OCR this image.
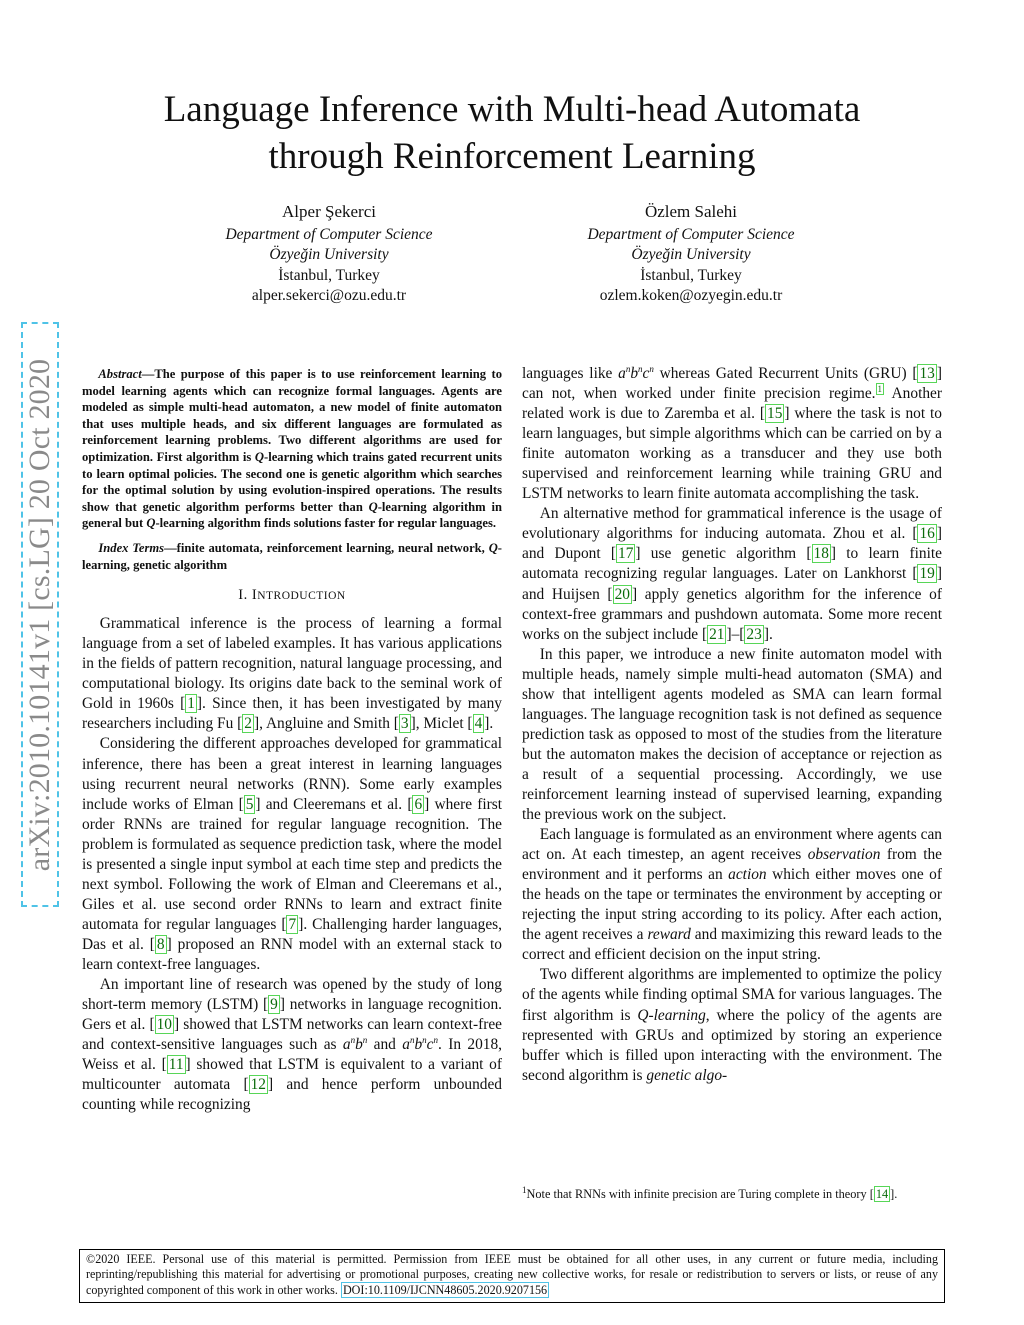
Language Inference with Multi-head Automata
through Reinforcement Learning
Alper Şekerci
Department of Computer Science
Özyeğin University
İstanbul, Turkey
alper.sekerci@ozu.edu.tr
Özlem Salehi
Department of Computer Science
Özyeğin University
İstanbul, Turkey
ozlem.koken@ozyegin.edu.tr
arXiv:2010.10141v1 [cs.LG] 20 Oct 2020	Abstract—The purpose of this paper is to use reinforcement learning to model learning agents which can recognize formal languages. Agents are modeled as simple multi-head automaton, a new model of finite automaton that uses multiple heads, and six different languages are formulated as reinforcement learning problems. Two different algorithms are used for optimization. First algorithm is Q-learning which trains gated recurrent units to learn optimal policies. The second one is genetic algorithm which searches for the optimal solution by using evolution-inspired operations. The results show that genetic algorithm performs better than Q-learning algorithm in general but Q-learning algorithm finds solutions faster for regular languages.

Index Terms—finite automata, reinforcement learning, neural network, Q-learning, genetic algorithm

I. INTRODUCTION

Grammatical inference is the process of learning a formal language from a set of labeled examples. It has various applications in the fields of pattern recognition, natural language processing, and computational biology. Its origins date back to the seminal work of Gold in 1960s [ 1 ]. Since then, it has been investigated by many researchers including Fu [ 2 ], Angluine and Smith [ 3 ], Miclet [ 4 ].

Considering the different approaches developed for grammatical inference, there has been a great interest in learning languages using recurrent neural networks (RNN). Some early examples include works of Elman [ 5 ] and Cleeremans et al. [ 6 ] where first order RNNs are trained for regular language recognition. The problem is formulated as sequence prediction task, where the model is presented a single input symbol at each time step and predicts the next symbol. Following the work of Elman and Cleeremans et al., Giles et al. use second order RNNs to learn and extract finite automata for regular languages [ 7 ]. Challenging harder languages, Das et al. [ 8 ] proposed an RNN model with an external stack to learn context-free languages.

An important line of research was opened by the study of long short-term memory (LSTM) [ 9 ] networks in language recognition. Gers et al. [ 10 ] showed that LSTM networks can learn context-free and context-sensitive languages such as $a^nb^n$ and $a^nb^nc^n$. In 2018, Weiss et al. [ 11 ] showed that LSTM is equivalent to a variant of multicounter automata [ 12 ] and hence perform unbounded counting while recognizing

languages like $a^nb^nc^n$ whereas Gated Recurrent Units (GRU) [ 13 ] can not, when worked under finite precision regime. $^1$ Another related work is due to Zaremba et al. [ 15 ] where the task is not to learn languages, but simple algorithms which can be carried on by a finite automaton working as a transducer and they use both supervised and reinforcement learning while training GRU and LSTM networks to learn finite automata accomplishing the task.

An alternative method for grammatical inference is the usage of evolutionary algorithms for inducing automata. Zhou et al. [ 16 ] and Dupont [ 17 ] use genetic algorithm [ 18 ] to learn finite automata recognizing regular languages. Later on Lankhorst [ 19 ] and Huijsen [ 20 ] apply genetics algorithm for the inference of context-free grammars and pushdown automata. Some more recent works on the subject include [ 21 ]–[ 23 ].

In this paper, we introduce a new finite automaton model with multiple heads, namely simple multi-head automaton (SMA) and show that intelligent agents modeled as SMA can learn formal languages. The language recognition task is not defined as sequence prediction task as opposed to most of the studies from the literature but the automaton makes the decision of acceptance or rejection as a result of a sequential processing. Accordingly, we use reinforcement learning instead of supervised learning, expanding the previous work on the subject.

Each language is formulated as an environment where agents can act on. At each timestep, an agent receives observation from the environment and it performs an action which either moves one of the heads on the tape or terminates the environment by accepting or rejecting the input string according to its policy. After each action, the agent receives a reward and maximizing this reward leads to the correct and efficient decision on the input string.

Two different algorithms are implemented to optimize the policy of the agents while finding optimal SMA for various languages. The first algorithm is Q-learning, where the policy of the agents are represented with GRUs and optimized by storing an experience buffer which is filled upon interacting with the environment. The second algorithm is genetic algo-

$^1$Note that RNNs with infinite precision are Turing complete in theory [ 14 ].
©2020 IEEE. Personal use of this material is permitted. Permission from IEEE must be obtained for all other uses, in any current or future media, including reprinting/republishing this material for advertising or promotional purposes, creating new collective works, for resale or redistribution to servers or lists, or reuse of any copyrighted component of this work in other works. DOI:10.1109/IJCNN48605.2020.9207156
